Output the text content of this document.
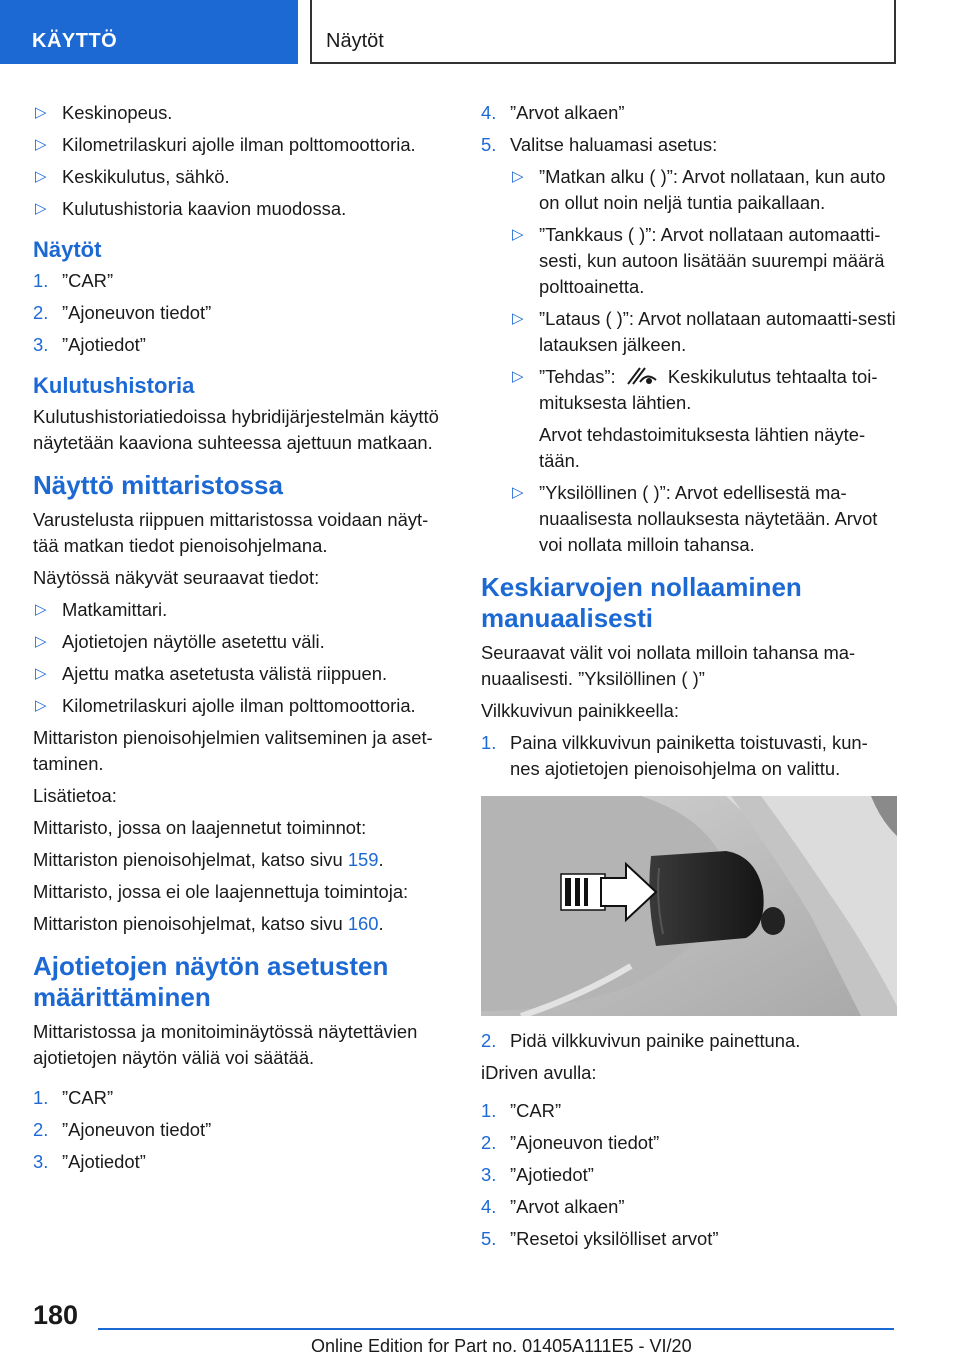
KÄYTTÖ	Näytöt
▷ Keskinopeus.
▷ Kilometrilaskuri ajolle ilman polttomoottoria.
▷ Keskikulutus, sähkö.
▷ Kulutushistoria kaavion muodossa.
Näytöt
1. ”CAR”
2. ”Ajoneuvon tiedot”
3. ”Ajotiedot”
Kulutushistoria
Kulutushistoriatiedoissa hybridijärjestelmän käyttö näytetään kaaviona suhteessa ajettuun matkaan.
Näyttö mittaristossa
Varustelusta riippuen mittaristossa voidaan näyt-tää matkan tiedot pienoisohjelmana.
Näytössä näkyvät seuraavat tiedot:
▷ Matkamittari.
▷ Ajotietojen näytölle asetettu väli.
▷ Ajettu matka asetetusta välistä riippuen.
▷ Kilometrilaskuri ajolle ilman polttomoottoria.
Mittariston pienoisohjelmien valitseminen ja aset-taminen.
Lisätietoa:
Mittaristo, jossa on laajennetut toiminnot:
Mittariston pienoisohjelmat, katso sivu 159.
Mittaristo, jossa ei ole laajennettuja toimintoja:
Mittariston pienoisohjelmat, katso sivu 160.
Ajotietojen näytön asetusten määrittäminen
Mittaristossa ja monitoiminäytössä näytettävien ajotietojen näytön väliä voi säätää.
1. ”CAR”
2. ”Ajoneuvon tiedot”
3. ”Ajotiedot”
4. ”Arvot alkaen”
5. Valitse haluamasi asetus:
▷ ”Matkan alku ( )”: Arvot nollataan, kun auto on ollut noin neljä tuntia paikallaan.
▷ ”Tankkaus ( )”: Arvot nollataan automaatti-sesti, kun autoon lisätään suurempi määrä polttoainetta.
▷ ”Lataus ( )”: Arvot nollataan automaatti-sesti latauksen jälkeen.
▷ ”Tehdas”:  Keskikulutus tehtaalta toi-mituksesta lähtien.
Arvot tehdastoimituksesta lähtien näyte-tään.
▷ ”Yksilöllinen ( )”: Arvot edellisestä ma-nuaalisesta nollauksesta näytetään. Arvot voi nollata milloin tahansa.
Keskiarvojen nollaaminen manuaalisesti
Seuraavat välit voi nollata milloin tahansa ma-nuaalisesti. ”Yksilöllinen ( )”
Vilkkuvivun painikkeella:
1. Paina vilkkuvivun painiketta toistuvasti, kun-nes ajotietojen pienoisohjelma on valittu.
2. Pidä vilkkuvivun painike painettuna.
iDriven avulla:
1. ”CAR”
2. ”Ajoneuvon tiedot”
3. ”Ajotiedot”
4. ”Arvot alkaen”
5. ”Resetoi yksilölliset arvot”
180
Online Edition for Part no. 01405A111E5 - VI/20
